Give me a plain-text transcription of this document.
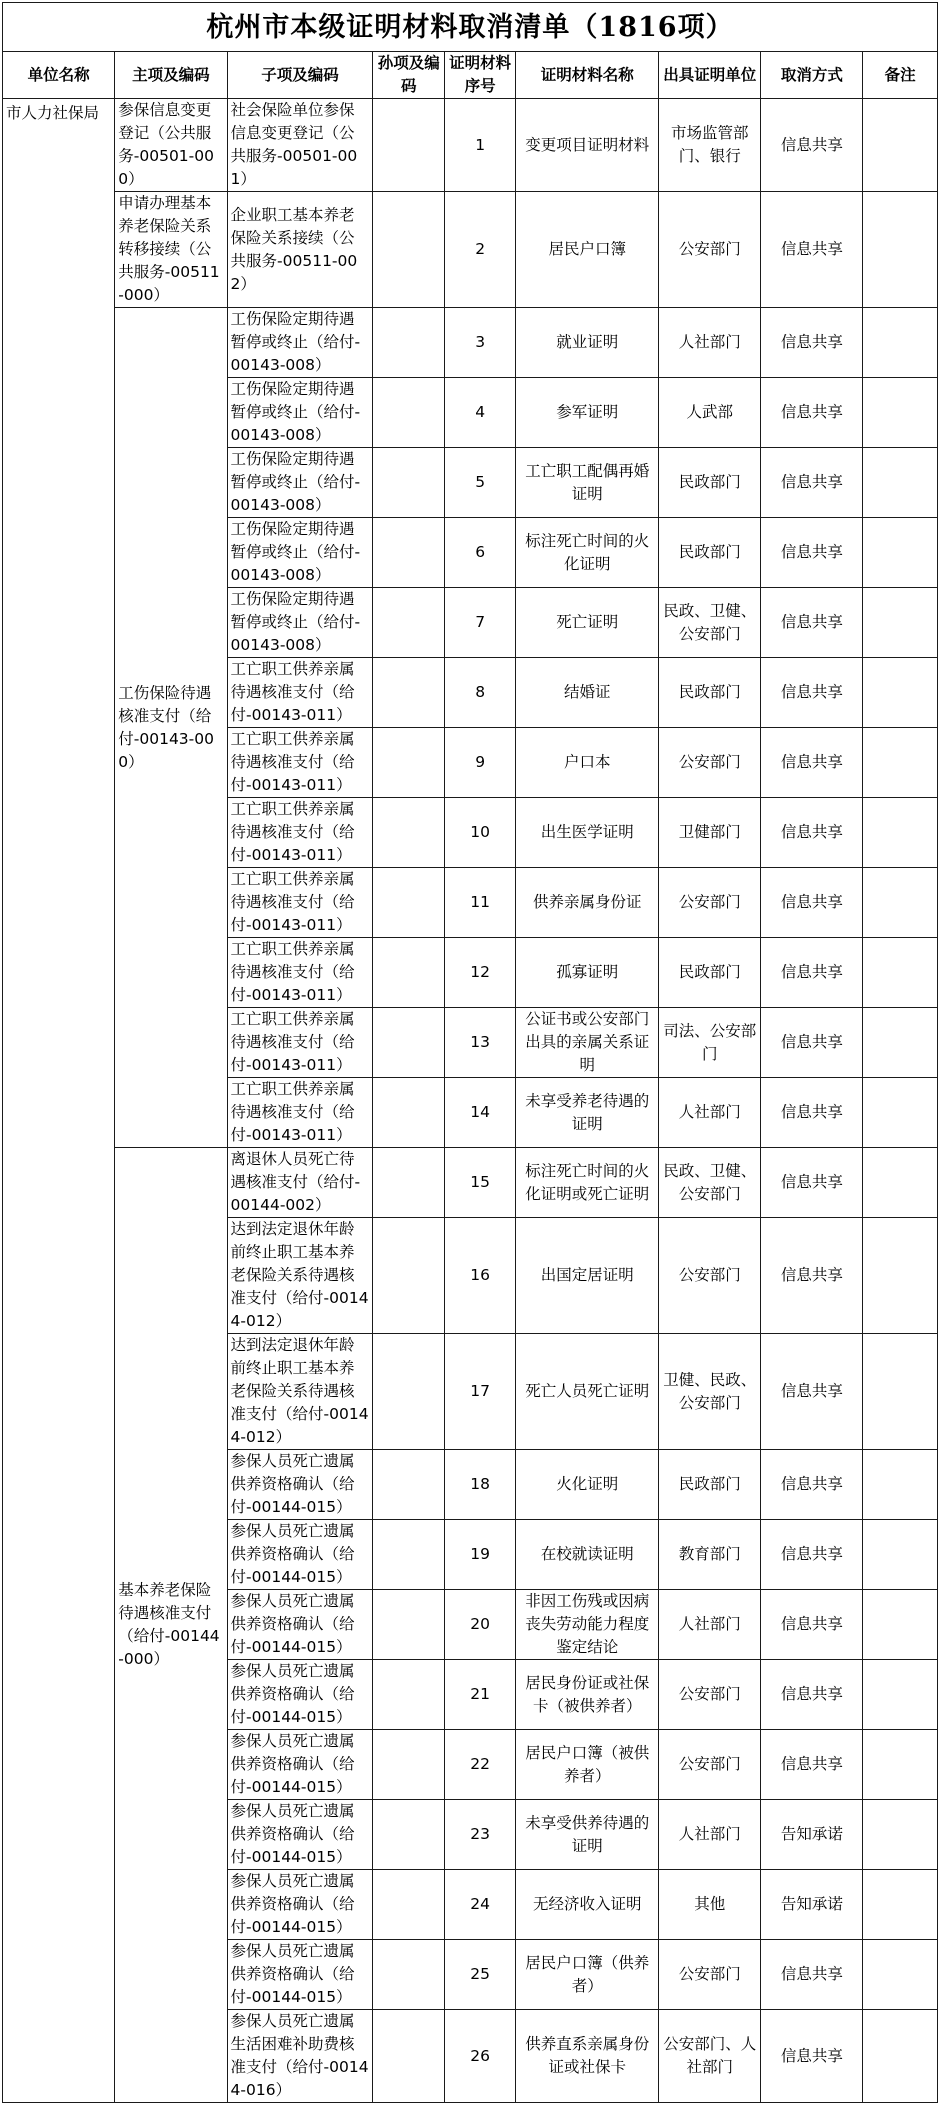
杭州市本级证明材料取消清单（1816项）								
单位名称	主项及编码	子项及编码	孙项及编码	证明材料序号	证明材料名称	出具证明单位	取消方式	备注
市人力社保局	参保信息变更登记（公共服务-00501-000）	社会保险单位参保信息变更登记（公共服务-00501-001）		1	变更项目证明材料	市场监管部门、银行	信息共享	
	申请办理基本养老保险关系转移接续（公共服务-00511-000）	企业职工基本养老保险关系接续（公共服务-00511-002）		2	居民户口簿	公安部门	信息共享	
	工伤保险待遇核准支付（给付-00143-000）	工伤保险定期待遇暂停或终止（给付-00143-008）		3	就业证明	人社部门	信息共享	
		工伤保险定期待遇暂停或终止（给付-00143-008）		4	参军证明	人武部	信息共享	
		工伤保险定期待遇暂停或终止（给付-00143-008）		5	工亡职工配偶再婚证明	民政部门	信息共享	
		工伤保险定期待遇暂停或终止（给付-00143-008）		6	标注死亡时间的火化证明	民政部门	信息共享	
		工伤保险定期待遇暂停或终止（给付-00143-008）		7	死亡证明	民政、卫健、公安部门	信息共享	
		工亡职工供养亲属待遇核准支付（给付-00143-011）		8	结婚证	民政部门	信息共享	
		工亡职工供养亲属待遇核准支付（给付-00143-011）		9	户口本	公安部门	信息共享	
		工亡职工供养亲属待遇核准支付（给付-00143-011）		10	出生医学证明	卫健部门	信息共享	
		工亡职工供养亲属待遇核准支付（给付-00143-011）		11	供养亲属身份证	公安部门	信息共享	
		工亡职工供养亲属待遇核准支付（给付-00143-011）		12	孤寡证明	民政部门	信息共享	
		工亡职工供养亲属待遇核准支付（给付-00143-011）		13	公证书或公安部门出具的亲属关系证明	司法、公安部门	信息共享	
		工亡职工供养亲属待遇核准支付（给付-00143-011）		14	未享受养老待遇的证明	人社部门	信息共享	
	基本养老保险待遇核准支付（给付-00144-000）	离退休人员死亡待遇核准支付（给付-00144-002）		15	标注死亡时间的火化证明或死亡证明	民政、卫健、公安部门	信息共享	
		达到法定退休年龄前终止职工基本养老保险关系待遇核准支付（给付-00144-012）		16	出国定居证明	公安部门	信息共享	
		达到法定退休年龄前终止职工基本养老保险关系待遇核准支付（给付-00144-012）		17	死亡人员死亡证明	卫健、民政、公安部门	信息共享	
		参保人员死亡遗属供养资格确认（给付-00144-015）		18	火化证明	民政部门	信息共享	
		参保人员死亡遗属供养资格确认（给付-00144-015）		19	在校就读证明	教育部门	信息共享	
		参保人员死亡遗属供养资格确认（给付-00144-015）		20	非因工伤残或因病丧失劳动能力程度鉴定结论	人社部门	信息共享	
		参保人员死亡遗属供养资格确认（给付-00144-015）		21	居民身份证或社保卡（被供养者）	公安部门	信息共享	
		参保人员死亡遗属供养资格确认（给付-00144-015）		22	居民户口簿（被供养者）	公安部门	信息共享	
		参保人员死亡遗属供养资格确认（给付-00144-015）		23	未享受供养待遇的证明	人社部门	告知承诺	
		参保人员死亡遗属供养资格确认（给付-00144-015）		24	无经济收入证明	其他	告知承诺	
		参保人员死亡遗属供养资格确认（给付-00144-015）		25	居民户口簿（供养者）	公安部门	信息共享	
		参保人员死亡遗属生活困难补助费核准支付（给付-00144-016）		26	供养直系亲属身份证或社保卡	公安部门、人社部门	信息共享	
